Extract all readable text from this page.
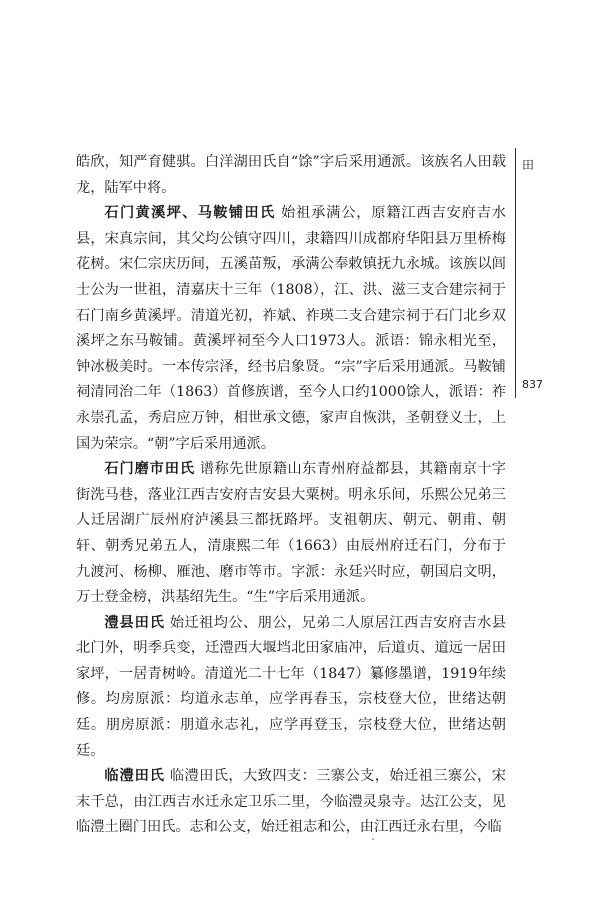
皓欣，知严育健骐。白洋湖田氏自“馀”字后采用通派。该族名人田载龙，陆军中将。

石门黄溪坪、马鞍铺田氏 始祖承满公，原籍江西吉安府吉水县，宋真宗间，其父均公镇守四川，隶籍四川成都府华阳县万里桥梅花树。宋仁宗庆历间，五溪苗叛，承满公奉敕镇抚九永城。该族以闾士公为一世祖，清嘉庆十三年（1808），江、洪、滋三支合建宗祠于石门南乡黄溪坪。清道光初，祚斌、祚瑛二支合建宗祠于石门北乡双溪坪之东马鞍铺。黄溪坪祠至今人口1973人。派语：锦永相光至，钟冰极美时。一本传宗泽，经书启象贤。“宗”字后采用通派。马鞍铺祠清同治二年（1863）首修族谱，至今人口约1000馀人，派语：祚永崇孔孟，秀启应万钟，相世承文德，家声自恢洪，圣朝登义士，上国为荣宗。“朝”字后采用通派。

石门磨市田氏 谱称先世原籍山东青州府益都县，其籍南京十字街洗马巷，落业江西吉安府吉安县大粟树。明永乐间，乐熙公兄弟三人迁居湖广辰州府泸溪县三都抚路坪。支祖朝庆、朝元、朝甫、朝轩、朝秀兄弟五人，清康熙二年（1663）由辰州府迁石门，分布于九渡河、杨柳、雁池、磨市等市。字派：永廷兴时应，朝国启文明，万士登金榜，洪基绍先生。“生”字后采用通派。

澧县田氏 始迁祖均公、朋公，兄弟二人原居江西吉安府吉水县北门外，明季兵变，迁澧西大堰垱北田家庙冲，后道贞、道远一居田家坪，一居青树岭。清道光二十七年（1847）纂修墨谱，1919年续修。均房原派：均道永志单，应学再春玉，宗枝登大位，世绪达朝廷。朋房原派：朋道永志礼，应学再登玉，宗枝登大位，世绪达朝廷。

临澧田氏 临澧田氏，大致四支：三寨公支，始迁祖三寨公，宋末千总，由江西吉水迁永定卫乐二里，今临澧灵泉寺。达江公支，见临澧土圈门田氏。志和公支，始迁祖志和公，由江西迁永右里，今临

田
837
